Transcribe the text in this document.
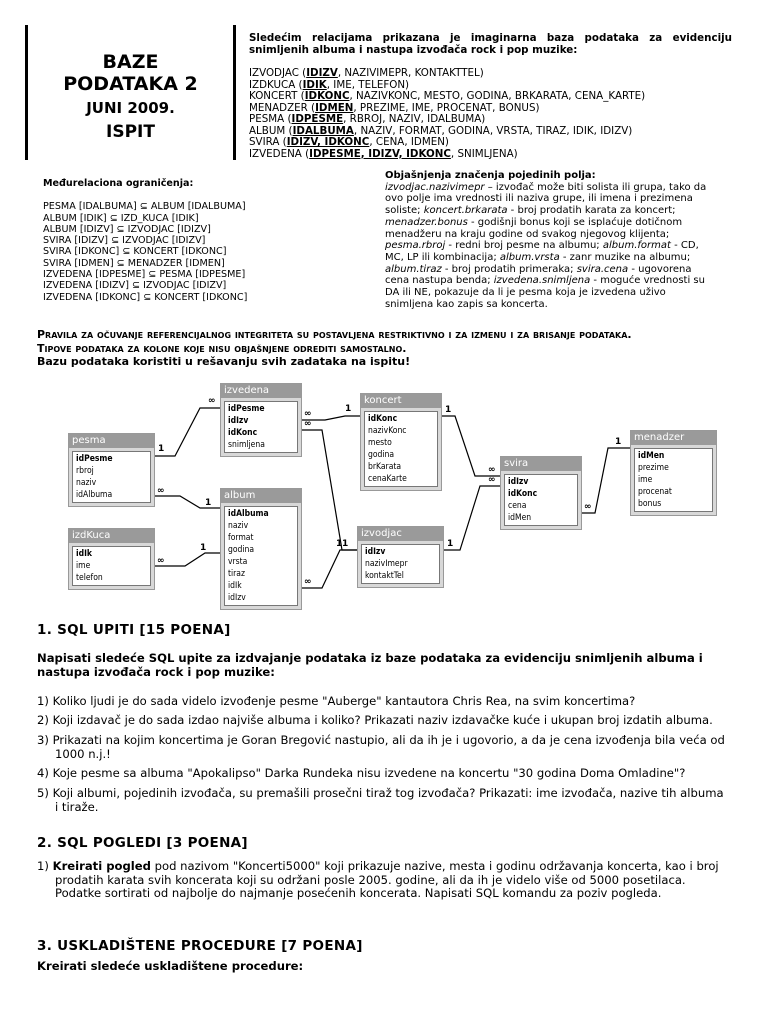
BAZE
PODATAKA 2
JUNI 2009.
ISPIT

Sledećim relacijama prikazana je imaginarna baza podataka za evidenciju snimljenih albuma i nastupa izvođača rock i pop muzike:

IZVODJAC (IDIZV, NAZIVIMEPR, KONTAKTTEL)
IZDKUCA (IDIK, IME, TELEFON)
KONCERT (IDKONC, NAZIVKONC, MESTO, GODINA, BRKARATA, CENA_KARTE)
MENADZER (IDMEN, PREZIME, IME, PROCENAT, BONUS)
PESMA (IDPESME, RBROJ, NAZIV, IDALBUMA)
ALBUM (IDALBUMA, NAZIV, FORMAT, GODINA, VRSTA, TIRAZ, IDIK, IDIZV)
SVIRA (IDIZV, IDKONC, CENA, IDMEN)
IZVEDENA (IDPESME, IDIZV, IDKONC, SNIMLJENA)
Međurelaciona ograničenja:
PESMA [IDALBUMA] ⊆ ALBUM [IDALBUMA]
ALBUM [IDIK] ⊆ IZD_KUCA [IDIK]
ALBUM [IDIZV] ⊆ IZVODJAC [IDIZV]
SVIRA [IDIZV] ⊆ IZVODJAC [IDIZV]
SVIRA [IDKONC] ⊆ KONCERT [IDKONC]
SVIRA [IDMEN] ⊆ MENADZER [IDMEN]
IZVEDENA [IDPESME] ⊆ PESMA [IDPESME]
IZVEDENA [IDIZV] ⊆ IZVODJAC [IDIZV]
IZVEDENA [IDKONC] ⊆ KONCERT [IDKONC]
Objašnjenja značenja pojedinih polja:
izvodjac.nazivimepr – izvođač može biti solista ili grupa, tako da ovo polje ima vrednosti ili naziva grupe, ili imena i prezimena soliste; koncert.brkarata - broj prodatih karata za koncert; menadzer.bonus - godišnji bonus koji se isplaćuje dotičnom menadžeru na kraju godine od svakog njegovog klijenta; pesma.rbroj - redni broj pesme na albumu; album.format - CD, MC, LP ili kombinacija; album.vrsta - zanr muzike na albumu; album.tiraz - broj prodatih primeraka; svira.cena - ugovorena cena nastupa benda; izvedena.snimljena - moguće vrednosti su DA ili NE, pokazuje da li je pesma koja je izvedena uživo snimljena kao zapis sa koncerta.
Pravila za očuvanje referencijalnog integriteta su postavljena restriktivno i za izmenu i za brisanje podataka.
Tipove podataka za kolone koje nisu objašnjene odrediti samostalno.
Bazu podataka koristiti u rešavanju svih zadataka na ispitu!
1
∞
1
∞
1
∞
1
∞
1
∞
1
∞
1
∞
1
∞
1
∞
pesma
idPesme
rbroj
naziv
idAlbuma
izvedena
idPesme
idIzv
idKonc
snimljena
koncert
idKonc
nazivKonc
mesto
godina
brKarata
cenaKarte
izdKuca
idIk
ime
telefon
album
idAlbuma
naziv
format
godina
vrsta
tiraz
idIk
idIzv
izvodjac
idIzv
nazivImepr
kontaktTel
svira
idIzv
idKonc
cena
idMen
menadzer
idMen
prezime
ime
procenat
bonus
1. SQL UPITI [15 POENA]
Napisati sledeće SQL upite za izdvajanje podataka iz baze podataka za evidenciju snimljenih albuma i nastupa izvođača rock i pop muzike:
1) Koliko ljudi je do sada videlo izvođenje pesme "Auberge" kantautora Chris Rea, na svim koncertima?
2) Koji izdavač je do sada izdao najviše albuma i koliko? Prikazati naziv izdavačke kuće i ukupan broj izdatih albuma.
3) Prikazati na kojim koncertima je Goran Bregović nastupio, ali da ih je i ugovorio, a da je cena izvođenja bila veća od
1000 n.j.!
4) Koje pesme sa albuma "Apokalipso" Darka Rundeka nisu izvedene na koncertu "30 godina Doma Omladine"?
5) Koji albumi, pojedinih izvođača, su premašili prosečni tiraž tog izvođača? Prikazati: ime izvođača, nazive tih albuma
i tiraže.
2. SQL POGLEDI [3 POENA]
1) Kreirati pogled pod nazivom "Koncerti5000" koji prikazuje nazive, mesta i godinu održavanja koncerta, kao i broj
prodatih karata svih koncerata koji su održani posle 2005. godine, ali da ih je videlo više od 5000 posetilaca.
Podatke sortirati od najbolje do najmanje posećenih koncerata. Napisati SQL komandu za poziv pogleda.
3. USKLADIŠTENE PROCEDURE [7 POENA]
Kreirati sledeće uskladištene procedure:
